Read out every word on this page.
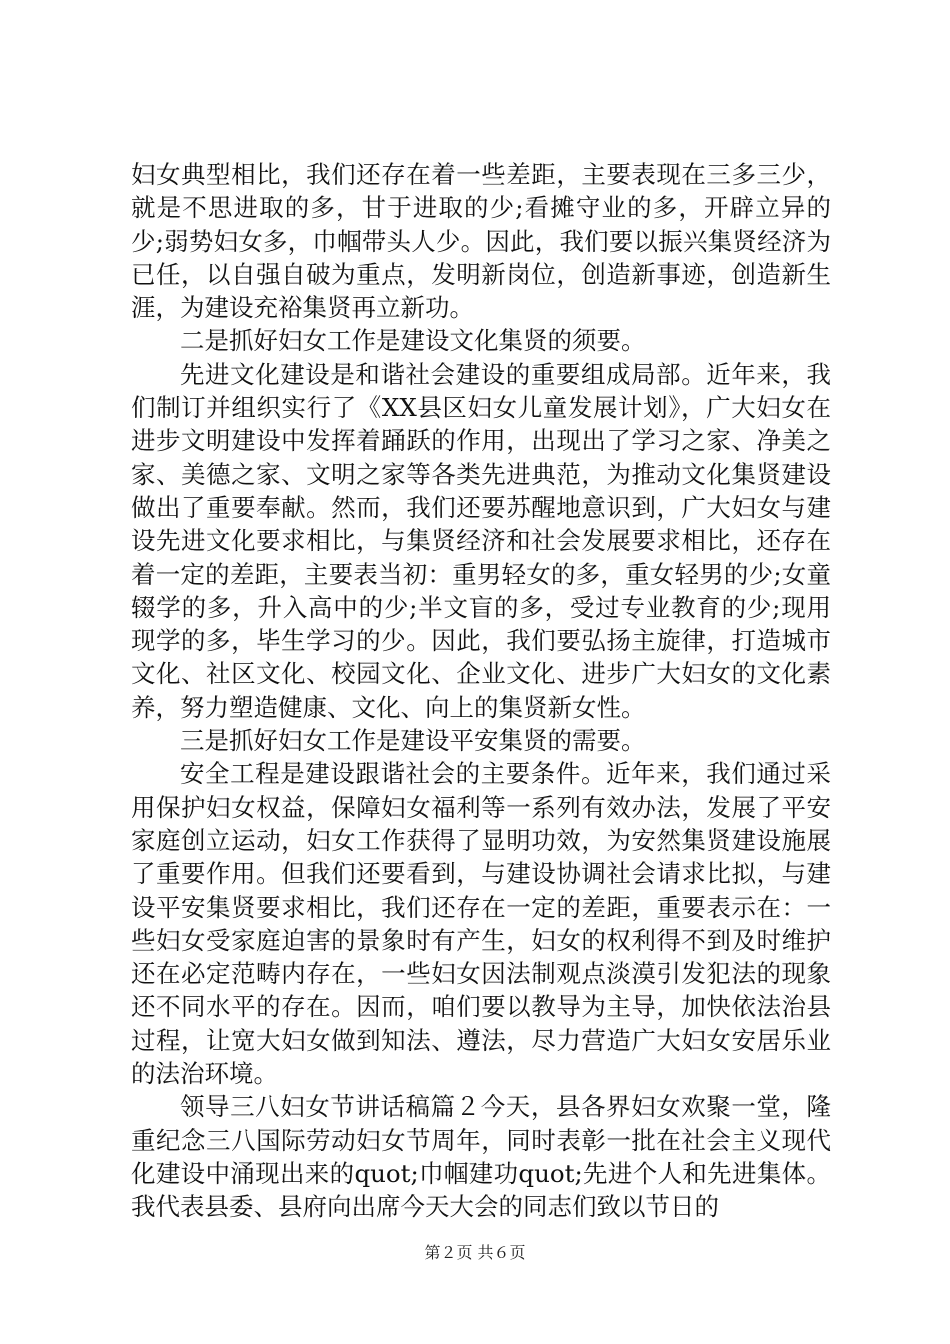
妇女典型相比，我们还存在着一些差距，主要表现在三多三少，就是不思进取的多，甘于进取的少;看摊守业的多，开辟立异的少;弱势妇女多，巾帼带头人少。因此，我们要以振兴集贤经济为已任，以自强自破为重点，发明新岗位，创造新事迹，创造新生涯，为建设充裕集贤再立新功。

二是抓好妇女工作是建设文化集贤的须要。

先进文化建设是和谐社会建设的重要组成局部。近年来，我们制订并组织实行了《XX县区妇女儿童发展计划》，广大妇女在进步文明建设中发挥着踊跃的作用，出现出了学习之家、净美之家、美德之家、文明之家等各类先进典范，为推动文化集贤建设做出了重要奉献。然而，我们还要苏醒地意识到，广大妇女与建设先进文化要求相比，与集贤经济和社会发展要求相比，还存在着一定的差距，主要表当初：重男轻女的多，重女轻男的少;女童辍学的多，升入高中的少;半文盲的多，受过专业教育的少;现用现学的多，毕生学习的少。因此，我们要弘扬主旋律，打造城市文化、社区文化、校园文化、企业文化、进步广大妇女的文化素养，努力塑造健康、文化、向上的集贤新女性。

三是抓好妇女工作是建设平安集贤的需要。

安全工程是建设跟谐社会的主要条件。近年来，我们通过采用保护妇女权益，保障妇女福利等一系列有效办法，发展了平安家庭创立运动，妇女工作获得了显明功效，为安然集贤建设施展了重要作用。但我们还要看到，与建设协调社会请求比拟，与建设平安集贤要求相比，我们还存在一定的差距，重要表示在：一些妇女受家庭迫害的景象时有产生，妇女的权利得不到及时维护还在必定范畴内存在，一些妇女因法制观点淡漠引发犯法的现象还不同水平的存在。因而，咱们要以教导为主导，加快依法治县过程，让宽大妇女做到知法、遵法，尽力营造广大妇女安居乐业的法治环境。

领导三八妇女节讲话稿篇２今天，县各界妇女欢聚一堂，隆重纪念三八国际劳动妇女节周年，同时表彰一批在社会主义现代化建设中涌现出来的quot;巾帼建功quot;先进个人和先进集体。我代表县委、县府向出席今天大会的同志们致以节日的

第２页 共６页
